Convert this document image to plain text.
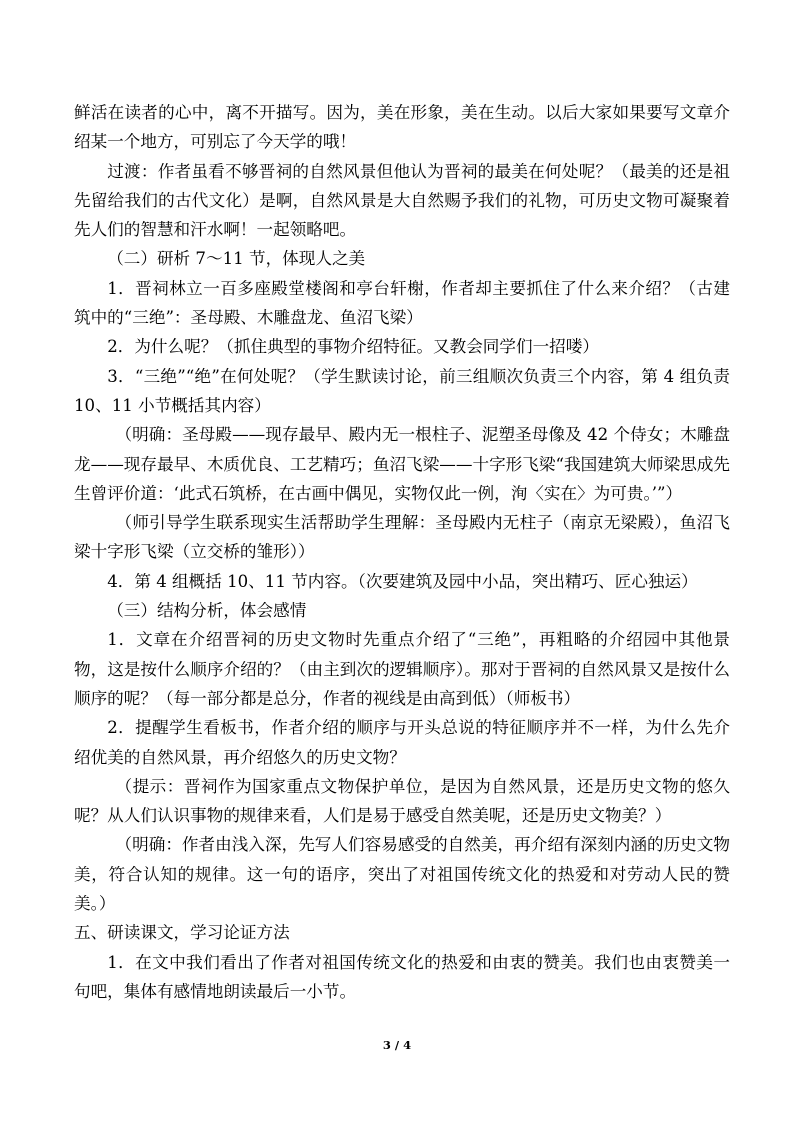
鲜活在读者的心中，离不开描写。因为，美在形象，美在生动。以后大家如果要写文章介绍某一个地方，可别忘了今天学的哦！

过渡：作者虽看不够晋祠的自然风景但他认为晋祠的最美在何处呢？（最美的还是祖先留给我们的古代文化）是啊，自然风景是大自然赐予我们的礼物，可历史文物可凝聚着先人们的智慧和汗水啊！一起领略吧。

（二）研析 7～11 节，体现人之美

1．晋祠林立一百多座殿堂楼阁和亭台轩榭，作者却主要抓住了什么来介绍？（古建筑中的“三绝”：圣母殿、木雕盘龙、鱼沼飞梁）

2．为什么呢？（抓住典型的事物介绍特征。又教会同学们一招喽）

3．“三绝”“绝”在何处呢？（学生默读讨论，前三组顺次负责三个内容，第 4 组负责 10、11 小节概括其内容）

（明确：圣母殿——现存最早、殿内无一根柱子、泥塑圣母像及 42 个侍女；木雕盘龙——现存最早、木质优良、工艺精巧；鱼沼飞梁——十字形飞梁“我国建筑大师梁思成先生曾评价道：‘此式石筑桥，在古画中偶见，实物仅此一例，洵〈实在〉为可贵。’”）

（师引导学生联系现实生活帮助学生理解：圣母殿内无柱子（南京无梁殿），鱼沼飞梁十字形飞梁（立交桥的雏形））

4．第 4 组概括 10、11 节内容。（次要建筑及园中小品，突出精巧、匠心独运）

（三）结构分析，体会感情

1．文章在介绍晋祠的历史文物时先重点介绍了“三绝”，再粗略的介绍园中其他景物，这是按什么顺序介绍的？（由主到次的逻辑顺序）。那对于晋祠的自然风景又是按什么顺序的呢？（每一部分都是总分，作者的视线是由高到低）（师板书）

2．提醒学生看板书，作者介绍的顺序与开头总说的特征顺序并不一样，为什么先介绍优美的自然风景，再介绍悠久的历史文物？

（提示：晋祠作为国家重点文物保护单位，是因为自然风景，还是历史文物的悠久呢？从人们认识事物的规律来看，人们是易于感受自然美呢，还是历史文物美？）

（明确：作者由浅入深，先写人们容易感受的自然美，再介绍有深刻内涵的历史文物美，符合认知的规律。这一句的语序，突出了对祖国传统文化的热爱和对劳动人民的赞美。）

五、研读课文，学习论证方法

1．在文中我们看出了作者对祖国传统文化的热爱和由衷的赞美。我们也由衷赞美一句吧，集体有感情地朗读最后一小节。

3 / 4
